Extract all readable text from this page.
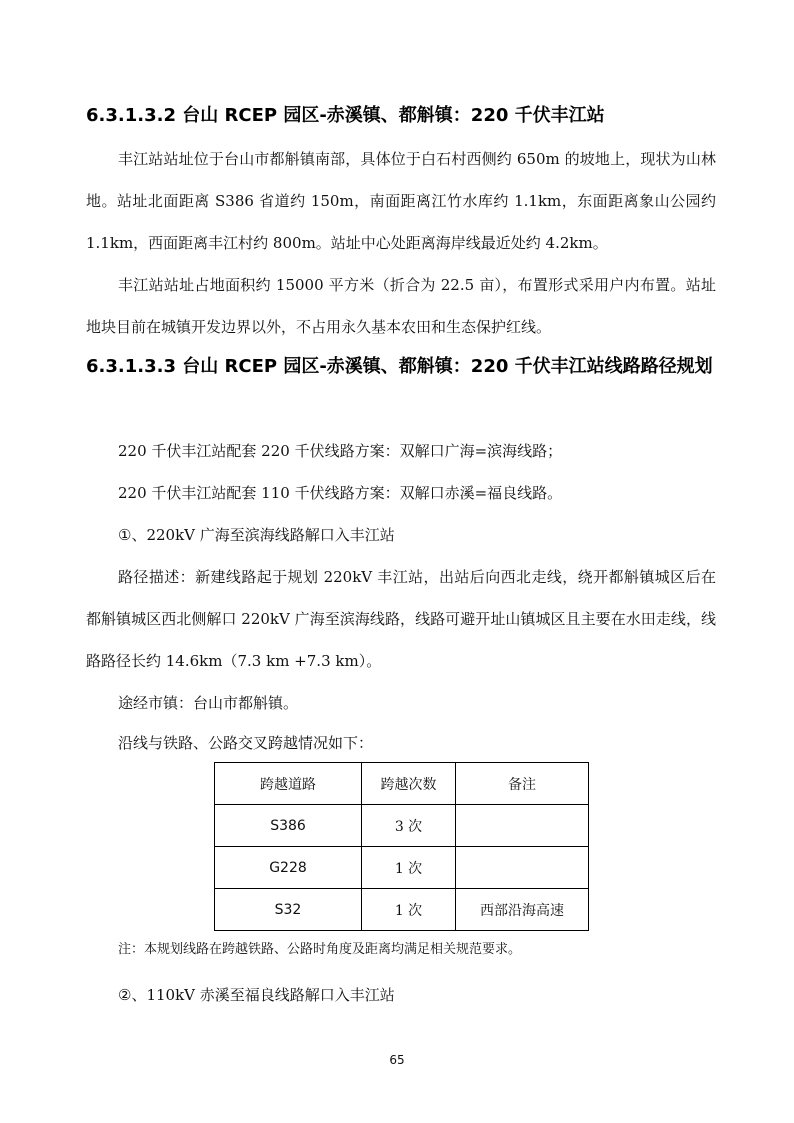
6.3.1.3.2 台山 RCEP 园区-赤溪镇、都斛镇：220 千伏丰江站

丰江站站址位于台山市都斛镇南部，具体位于白石村西侧约 650m 的坡地上，现状为山林地。站址北面距离 S386 省道约 150m，南面距离江竹水库约 1.1km，东面距离象山公园约 1.1km，西面距离丰江村约 800m。站址中心处距离海岸线最近处约 4.2km。

丰江站站址占地面积约 15000 平方米（折合为 22.5 亩），布置形式采用户内布置。站址地块目前在城镇开发边界以外，不占用永久基本农田和生态保护红线。

6.3.1.3.3 台山 RCEP 园区-赤溪镇、都斛镇：220 千伏丰江站线路路径规划

220 千伏丰江站配套 220 千伏线路方案：双解口广海=滨海线路；

220 千伏丰江站配套 110 千伏线路方案：双解口赤溪=福良线路。

①、220kV 广海至滨海线路解口入丰江站

路径描述：新建线路起于规划 220kV 丰江站，出站后向西北走线，绕开都斛镇城区后在都斛镇城区西北侧解口 220kV 广海至滨海线路，线路可避开址山镇城区且主要在水田走线，线路路径长约 14.6km（7.3 km +7.3 km）。

途经市镇：台山市都斛镇。

沿线与铁路、公路交叉跨越情况如下：

跨越道路	跨越次数	备注
S386	3 次	
G228	1 次	
S32	1 次	西部沿海高速

注：本规划线路在跨越铁路、公路时角度及距离均满足相关规范要求。

②、110kV 赤溪至福良线路解口入丰江站

65
